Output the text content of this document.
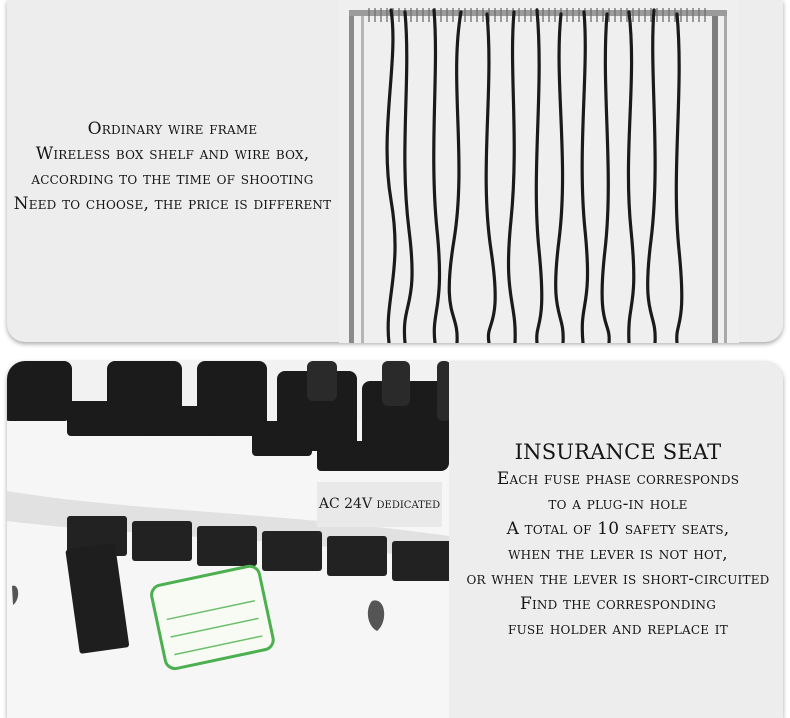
Ordinary wire frame
Wireless box shelf and wire box,
according to the time of shooting
Need to choose, the price is different
AC 24V dedicated
INSURANCE SEAT
Each fuse phase corresponds
to a plug-in hole
A total of 10 safety seats,
when the lever is not hot,
or when the lever is short-circuited
Find the corresponding
fuse holder and replace it
